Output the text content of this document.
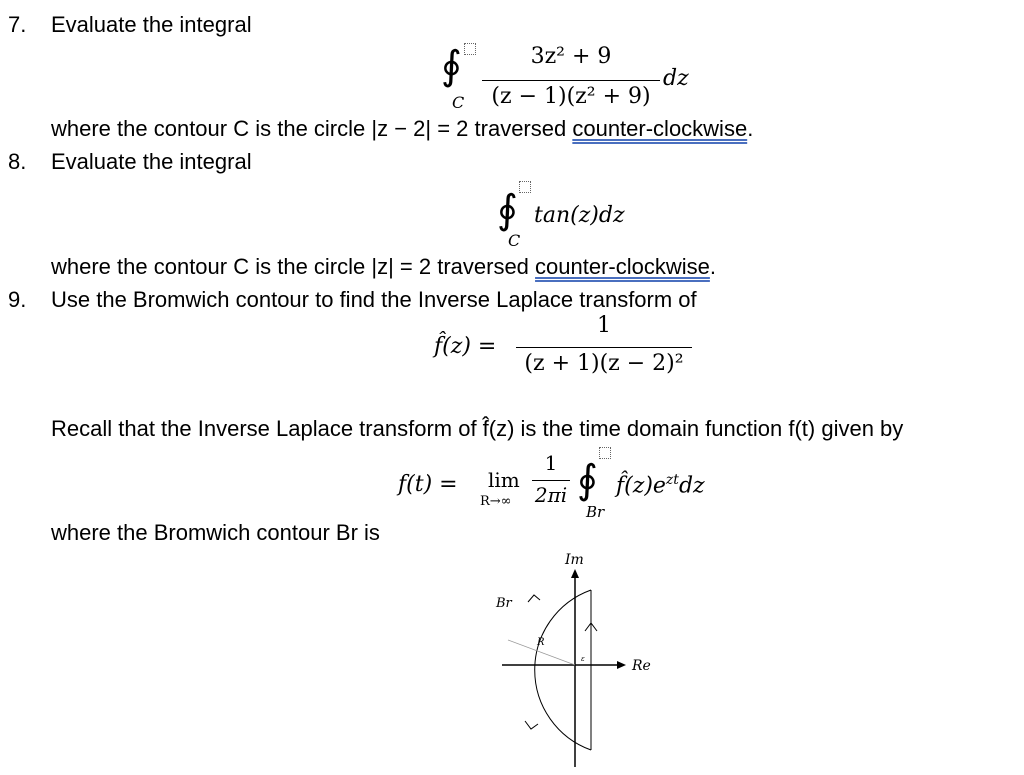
7. Evaluate the integral
∮
C
3z² + 9
(z − 1)(z² + 9)
dz
where the contour C is the circle |z − 2| = 2 traversed counter-clockwise.
8. Evaluate the integral
∮
C
tan(z)dz
where the contour C is the circle |z| = 2 traversed counter-clockwise.
9. Use the Bromwich contour to find the Inverse Laplace transform of
f̂(z) =
1
(z + 1)(z − 2)²
Recall that the Inverse Laplace transform of f̂(z) is the time domain function f(t) given by
f(t) = lim
R→∞
1
2πi ∮
Br
$f̂(z)e^{zt}dz$
where the Bromwich contour Br is
Im
Re
Br
R
ε
